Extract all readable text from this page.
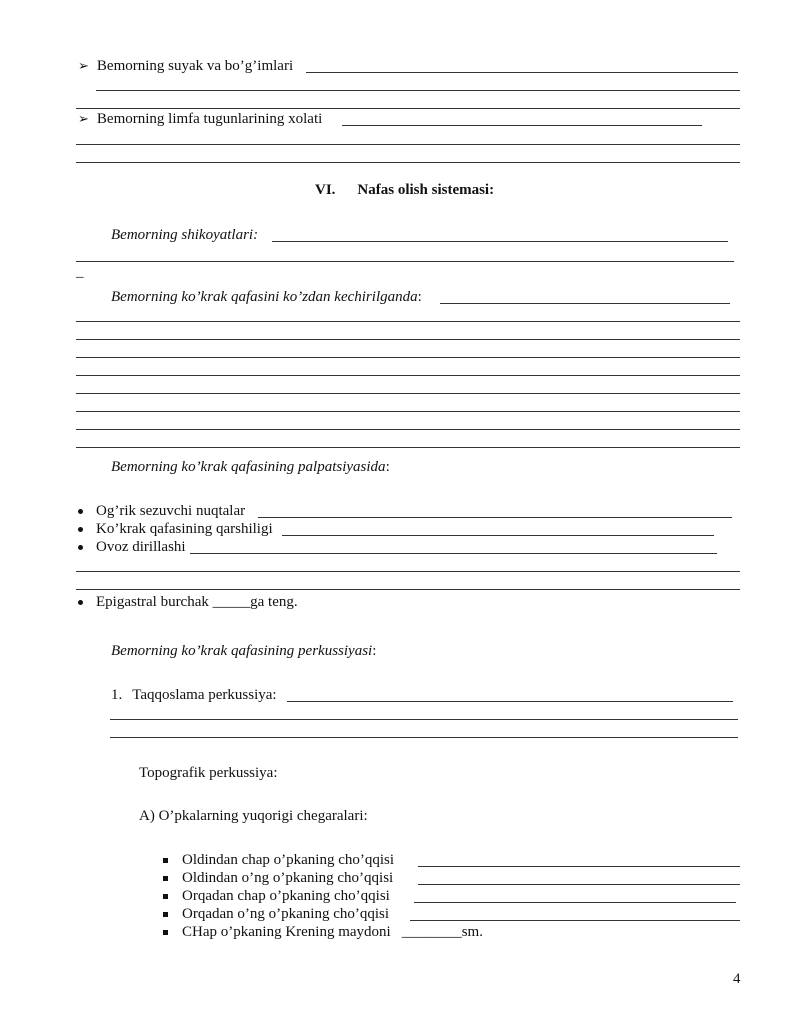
➢ Bemorning suyak va bo’g’imlari
➢ Bemorning limfa tugunlarining xolati
VI. Nafas olish sistemasi:
Bemorning shikoyatlari:
_
Bemorning ko’krak qafasini ko’zdan kechirilganda:
Bemorning ko’krak qafasining palpatsiyasida:
Og’rik sezuvchi nuqtalar
Ko’krak qafasining qarshiligi
Ovoz dirillashi
Epigastral burchak _____ga teng.
Bemorning ko’krak qafasining perkussiyasi:
1. Taqqoslama perkussiya:
Topografik perkussiya:
A) O’pkalarning yuqorigi chegaralari:
Oldindan chap o’pkaning cho’qqisi
Oldindan o’ng o’pkaning cho’qqisi
Orqadan chap o’pkaning cho’qqisi
Orqadan o’ng o’pkaning cho’qqisi
CHap o’pkaning Krening maydoni ________sm.
4
